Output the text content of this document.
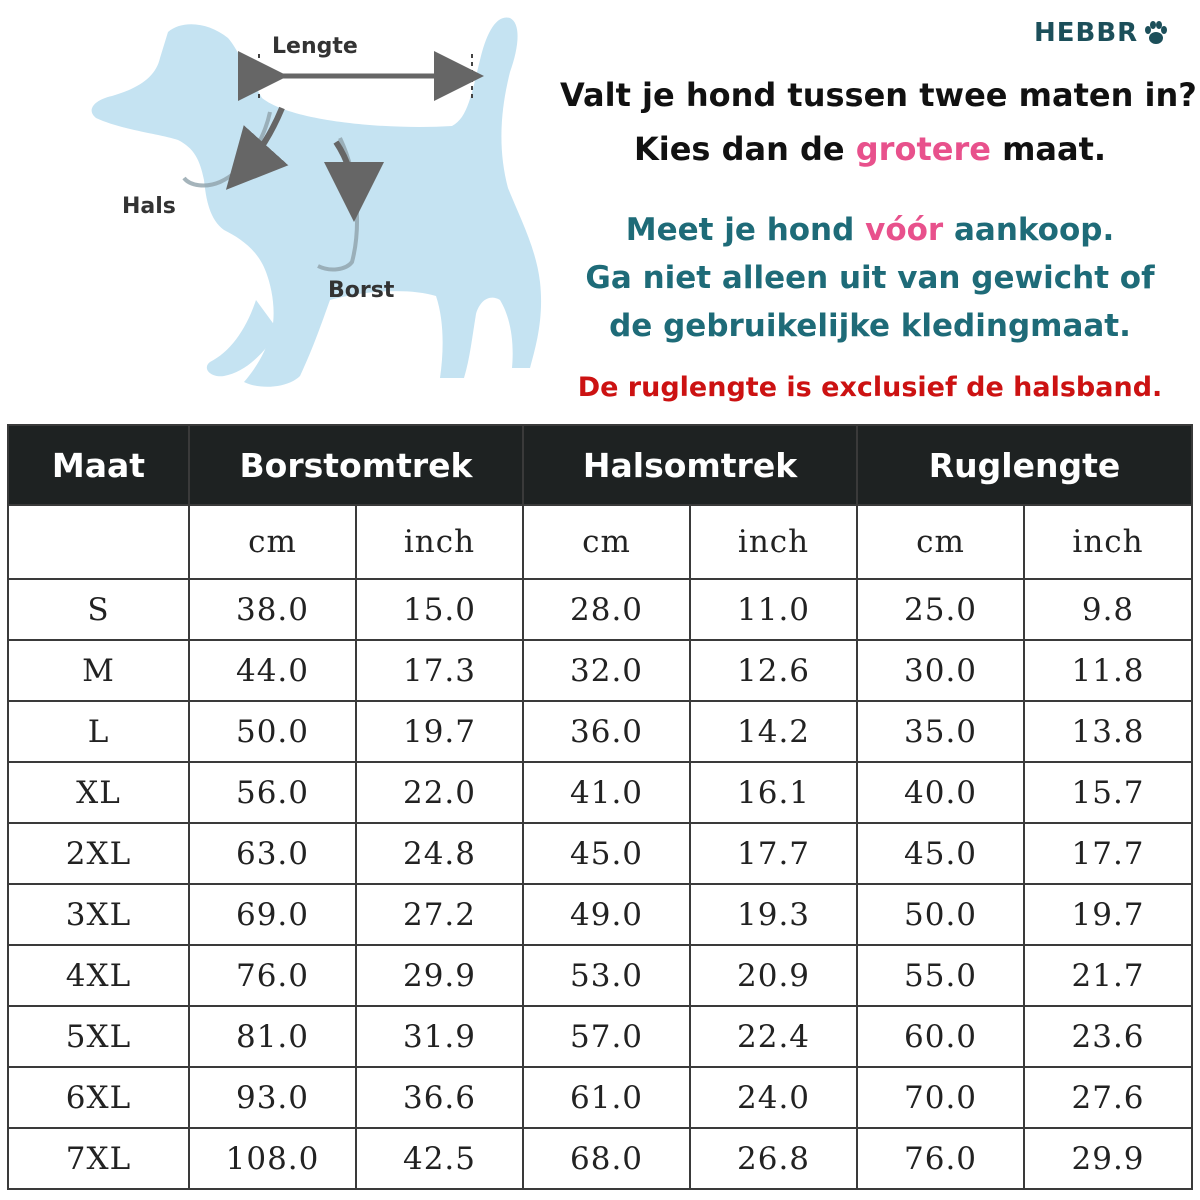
Lengte
Hals
Borst
HEBBR
Valt je hond tussen twee maten in?
Kies dan de grotere maat.
Meet je hond vóór aankoop.
Ga niet alleen uit van gewicht of
de gebruikelijke kledingmaat.
De ruglengte is exclusief de halsband.
Maat	Borstomtrek		Halsomtrek		Ruglengte	
	cm	inch	cm	inch	cm	inch
S	38.0	15.0	28.0	11.0	25.0	9.8
M	44.0	17.3	32.0	12.6	30.0	11.8
L	50.0	19.7	36.0	14.2	35.0	13.8
XL	56.0	22.0	41.0	16.1	40.0	15.7
2XL	63.0	24.8	45.0	17.7	45.0	17.7
3XL	69.0	27.2	49.0	19.3	50.0	19.7
4XL	76.0	29.9	53.0	20.9	55.0	21.7
5XL	81.0	31.9	57.0	22.4	60.0	23.6
6XL	93.0	36.6	61.0	24.0	70.0	27.6
7XL	108.0	42.5	68.0	26.8	76.0	29.9
